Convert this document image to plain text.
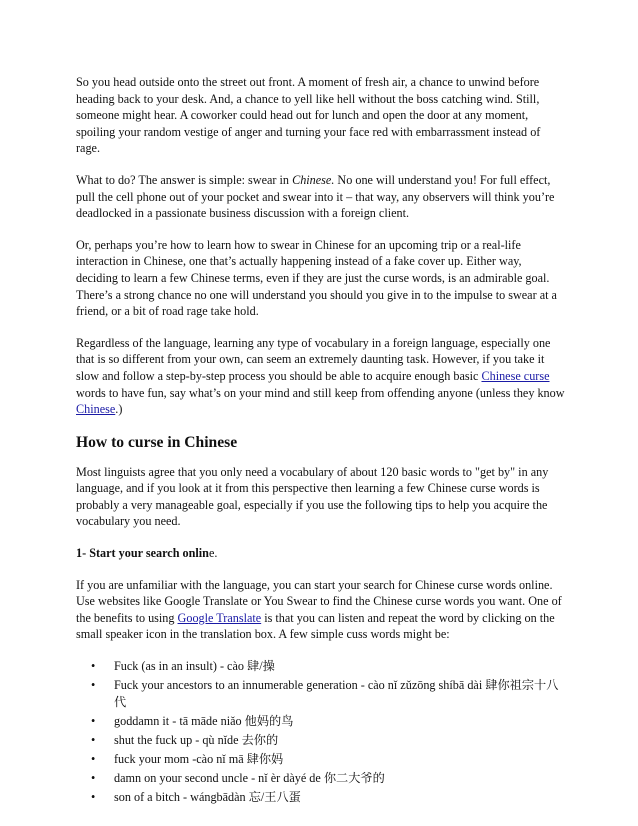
So you head outside onto the street out front. A moment of fresh air, a chance to unwind before heading back to your desk. And, a chance to yell like hell without the boss catching wind. Still, someone might hear. A coworker could head out for lunch and open the door at any moment, spoiling your random vestige of anger and turning your face red with embarrassment instead of rage.

What to do? The answer is simple: swear in Chinese. No one will understand you! For full effect, pull the cell phone out of your pocket and swear into it – that way, any observers will think you’re deadlocked in a passionate business discussion with a foreign client.

Or, perhaps you’re how to learn how to swear in Chinese for an upcoming trip or a real-life interaction in Chinese, one that’s actually happening instead of a fake cover up. Either way, deciding to learn a few Chinese terms, even if they are just the curse words, is an admirable goal. There’s a strong chance no one will understand you should you give in to the impulse to swear at a friend, or a bit of road rage take hold.

Regardless of the language, learning any type of vocabulary in a foreign language, especially one that is so different from your own, can seem an extremely daunting task. However, if you take it slow and follow a step-by-step process you should be able to acquire enough basic Chinese curse words to have fun, say what’s on your mind and still keep from offending anyone (unless they know Chinese.)

How to curse in Chinese

Most linguists agree that you only need a vocabulary of about 120 basic words to "get by" in any language, and if you look at it from this perspective then learning a few Chinese curse words is probably a very manageable goal, especially if you use the following tips to help you acquire the vocabulary you need.

1- Start your search online.

If you are unfamiliar with the language, you can start your search for Chinese curse words online. Use websites like Google Translate or You Swear to find the Chinese curse words you want. One of the benefits to using Google Translate is that you can listen and repeat the word by clicking on the small speaker icon in the translation box. A few simple cuss words might be:

• Fuck (as in an insult) - cào 肆/操
• Fuck your ancestors to an innumerable generation - cào nǐ zǔzōng shíbā dài 肆你祖宗十八代
• goddamn it - tā māde niǎo 他妈的鸟
• shut the fuck up - qù nǐde 去你的
• fuck your mom -cào nǐ mā 肆你妈
• damn on your second uncle - nǐ èr dàyé de 你二大爷的
• son of a bitch - wángbādàn 忘/王八蛋
